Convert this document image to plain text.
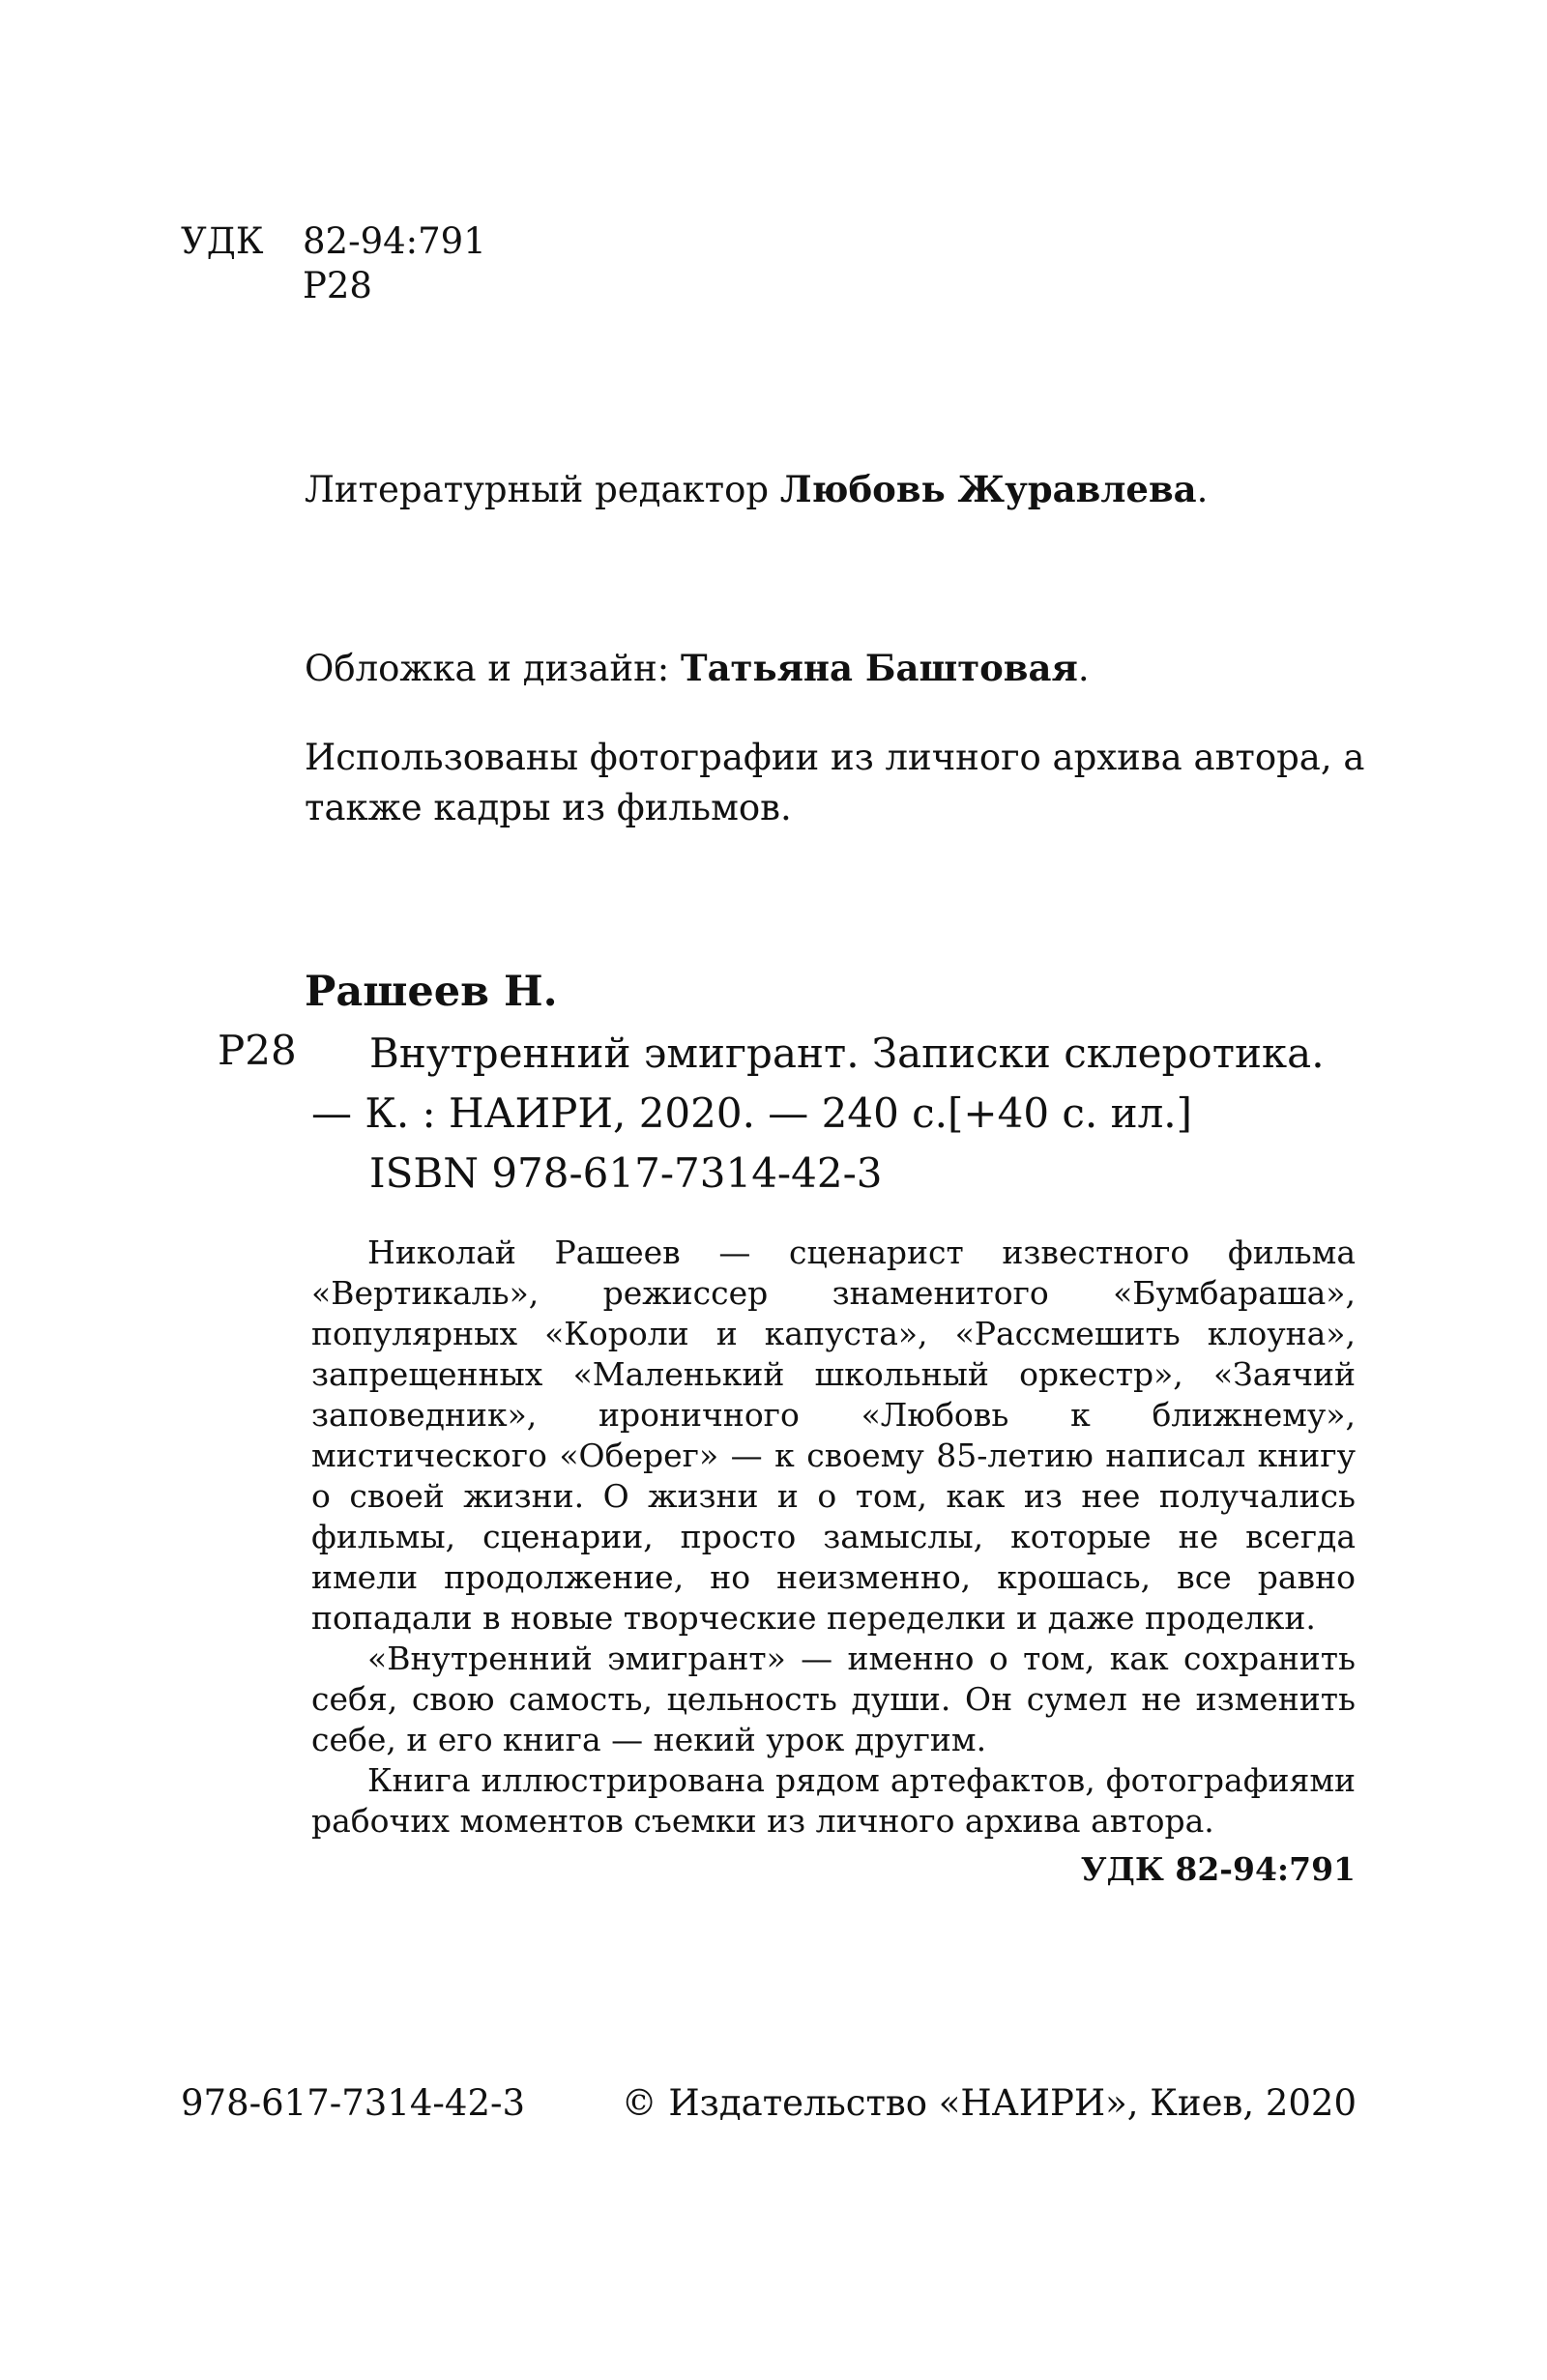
УДК 82-94:791
Р28
Литературный редактор Любовь Журавлева.
Обложка и дизайн: Татьяна Баштовая.
Использованы фотографии из личного архива автора, а также кадры из фильмов.
Рашеев Н.
Р28	Внутренний эмигрант. Записки склеротика.
— К. : НАИРИ, 2020. — 240 с.[+40 с. ил.]
ISBN 978-617-7314-42-3

Николай Рашеев — сценарист известного фильма «Вертикаль», режиссер знаменитого «Бумбараша», популярных «Короли и капуста», «Рассмешить клоуна», запрещенных «Маленький школьный оркестр», «Заячий заповедник», ироничного «Любовь к ближнему», мистического «Оберег» — к своему 85-летию написал книгу о своей жизни. О жизни и о том, как из нее получались фильмы, сценарии, просто замыслы, которые не всегда имели продолжение, но неизменно, крошась, все равно попадали в новые творческие переделки и даже проделки.

«Внутренний эмигрант» — именно о том, как сохранить себя, свою самость, цельность души. Он сумел не изменить себе, и его книга — некий урок другим.

Книга иллюстрирована рядом артефактов, фотографиями рабочих моментов съемки из личного архива автора.

УДК 82-94:791

978-617-7314-42-3	© Издательство «НАИРИ», Киев, 2020
